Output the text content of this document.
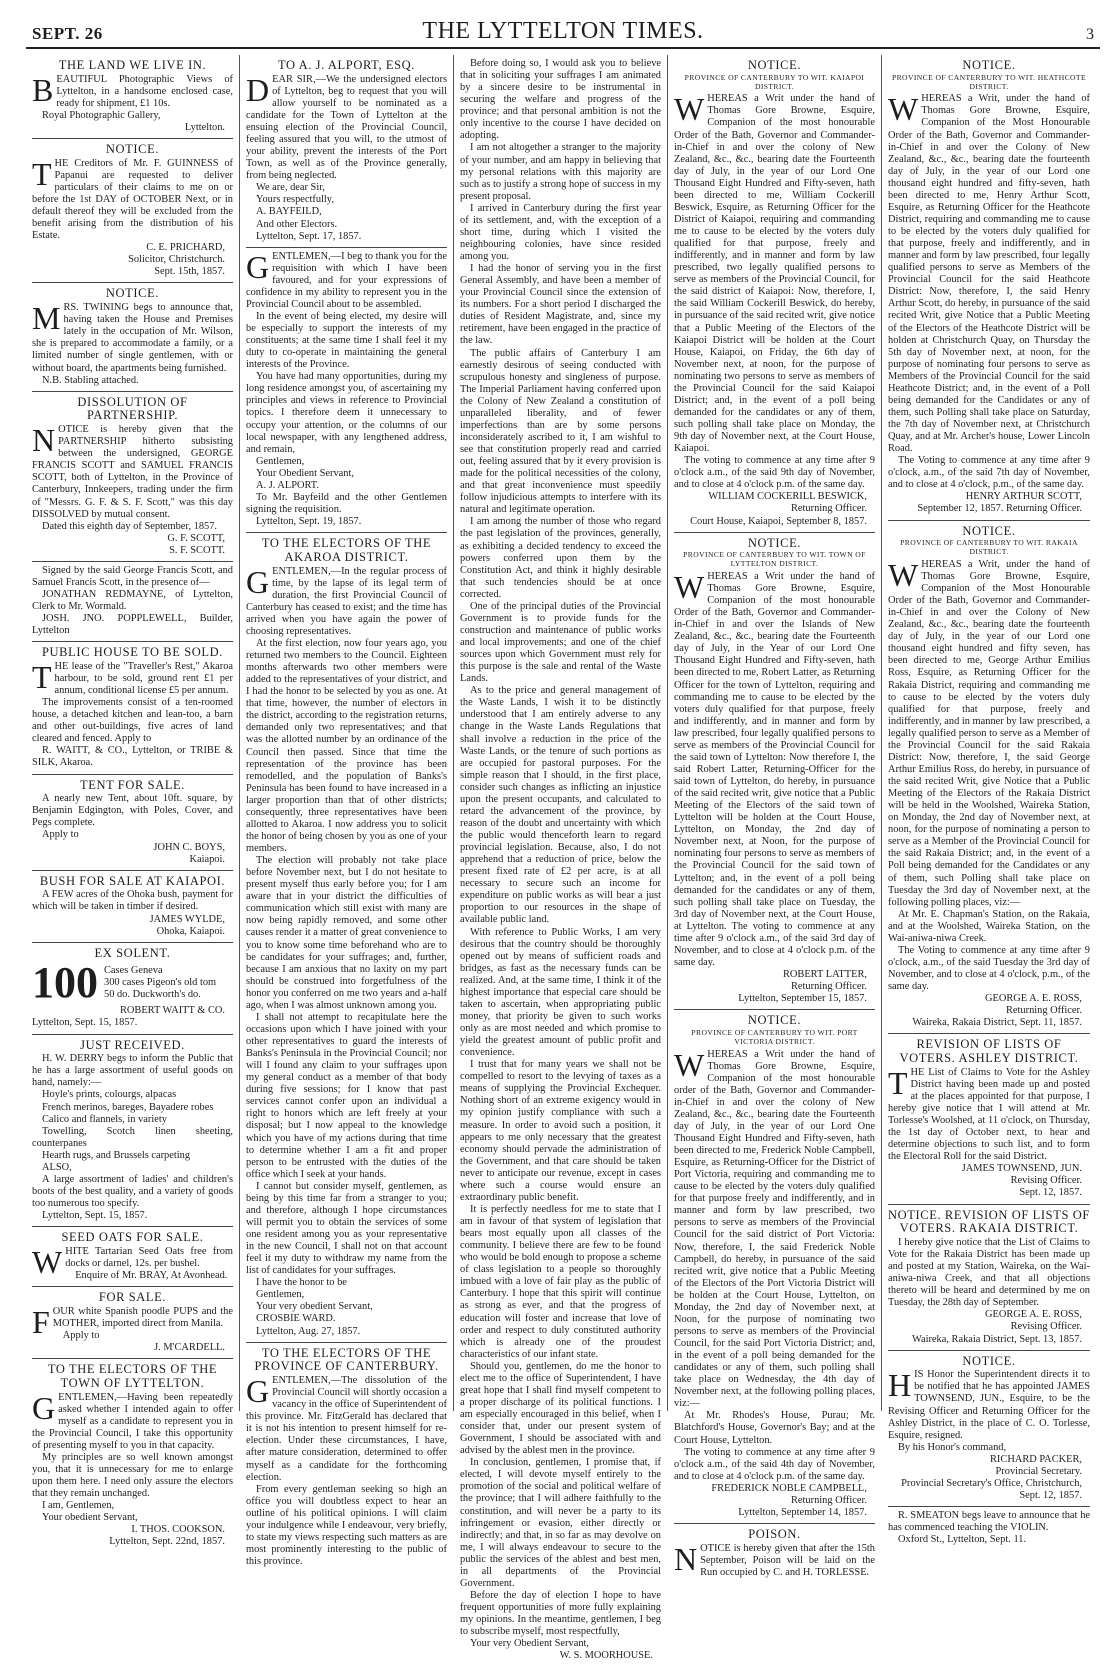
SEPT. 26	THE LYTTELTON TIMES.	3
THE LAND WE LIVE IN.

BEAUTIFUL Photographic Views of Lyttelton, in a handsome enclosed case, ready for shipment, £1 10s.

Royal Photographic Gallery,

Lyttelton.
NOTICE.

THE Creditors of Mr. F. GUINNESS of Papanui are requested to deliver particulars of their claims to me on or before the 1st DAY of OCTOBER Next, or in default thereof they will be excluded from the benefit arising from the distribution of his Estate.

C. E. PRICHARD,
Solicitor, Christchurch.
Sept. 15th, 1857.
NOTICE.

MRS. TWINING begs to announce that, having taken the House and Premises lately in the occupation of Mr. Wilson, she is prepared to accommodate a family, or a limited number of single gentlemen, with or without board, the apartments being furnished.

N.B. Stabling attached.

DISSOLUTION OF PARTNERSHIP.

NOTICE is hereby given that the PARTNERSHIP hitherto subsisting between the undersigned, GEORGE FRANCIS SCOTT and SAMUEL FRANCIS SCOTT, both of Lyttelton, in the Province of Canterbury, Innkeepers, trading under the firm of "Messrs. G. F. & S. F. Scott," was this day DISSOLVED by mutual consent.

Dated this eighth day of September, 1857.

G. F. SCOTT,
S. F. SCOTT.

Signed by the said George Francis Scott, and Samuel Francis Scott, in the presence of—

JONATHAN REDMAYNE, of Lyttelton, Clerk to Mr. Wormald.

JOSH. JNO. POPPLEWELL, Builder, Lyttelton

PUBLIC HOUSE TO BE SOLD.

THE lease of the "Traveller's Rest," Akaroa harbour, to be sold, ground rent £1 per annum, conditional license £5 per annum.

The improvements consist of a ten-roomed house, a detached kitchen and lean-too, a barn and other out-buildings, five acres of land cleared and fenced. Apply to

R. WAITT, & CO., Lyttelton, or TRIBE & SILK, Akaroa.

TENT FOR SALE.

A nearly new Tent, about 10ft. square, by Benjamin Edgington, with Poles, Cover, and Pegs complete.

Apply to

JOHN C. BOYS,
Kaiapoi.
BUSH FOR SALE AT KAIAPOI.

A FEW acres of the Ohoka bush, payment for which will be taken in timber if desired.

JAMES WYLDE,
Ohoka, Kaiapoi.
EX SOLENT.
100 Cases Geneva
300 cases Pigeon's old tom
50 do. Duckworth's do.

ROBERT WAITT & CO.

Lyttelton, Sept. 15, 1857.

JUST RECEIVED.

H. W. DERRY begs to inform the Public that he has a large assortment of useful goods on hand, namely:—

Hoyle's prints, colourgs, alpacas

French merinos, bareges, Bayadere robes

Calico and flannels, in variety

Towelling, Scotch linen sheeting, counterpanes

Hearth rugs, and Brussels carpeting

ALSO,

A large assortment of ladies' and children's boots of the best quality, and a variety of goods too numerous too specify.

Lyttelton, Sept. 15, 1857.

SEED OATS FOR SALE.

WHITE Tartarian Seed Oats free from docks or darnel, 12s. per bushel.

Enquire of Mr. BRAY, At Avonhead.

FOR SALE.

FOUR white Spanish poodle PUPS and the MOTHER, imported direct from Manila.

Apply to

J. M'CARDELL.
TO THE ELECTORS OF THE TOWN OF LYTTELTON.

GENTLEMEN,—Having been repeatedly asked whether I intended again to offer myself as a candidate to represent you in the Provincial Council, I take this opportunity of presenting myself to you in that capacity.

My principles are so well known amongst you, that it is unnecessary for me to enlarge upon them here. I need only assure the electors that they remain unchanged.

I am, Gentlemen,

Your obedient Servant,

I. THOS. COOKSON.
Lyttelton, Sept. 22nd, 1857.
TO A. J. ALPORT, ESQ.

DEAR SIR,—We the undersigned electors of Lyttelton, beg to request that you will allow yourself to be nominated as a candidate for the Town of Lyttelton at the ensuing election of the Provincial Council, feeling assured that you will, to the utmost of your ability, prevent the interests of the Port Town, as well as of the Province generally, from being neglected.

We are, dear Sir,

Yours respectfully,

A. BAYFEILD,

And other Electors.

Lyttelton, Sept. 17, 1857.

GENTLEMEN,—I beg to thank you for the requisition with which I have been favoured, and for your expressions of confidence in my ability to represent you in the Provincial Council about to be assembled.

In the event of being elected, my desire will be especially to support the interests of my constituents; at the same time I shall feel it my duty to co-operate in maintaining the general interests of the Province.

You have had many opportunities, during my long residence amongst you, of ascertaining my principles and views in reference to Provincial topics. I therefore deem it unnecessary to occupy your attention, or the columns of our local newspaper, with any lengthened address, and remain,

Gentlemen,

Your Obedient Servant,

A. J. ALPORT.

To Mr. Bayfeild and the other Gentlemen signing the requisition.

Lyttelton, Sept. 19, 1857.

TO THE ELECTORS OF THE AKAROA DISTRICT.

GENTLEMEN,—In the regular process of time, by the lapse of its legal term of duration, the first Provincial Council of Canterbury has ceased to exist; and the time has arrived when you have again the power of choosing representatives.

At the first election, now four years ago, you returned two members to the Council. Eighteen months afterwards two other members were added to the representatives of your district, and I had the honor to be selected by you as one. At that time, however, the number of electors in the district, according to the registration returns, demanded only two representatives; and that was the allotted number by an ordinance of the Council then passed. Since that time the representation of the province has been remodelled, and the population of Banks's Peninsula has been found to have increased in a larger proportion than that of other districts; consequently, three representatives have been allotted to Akaroa. I now address you to solicit the honor of being chosen by you as one of your members.

The election will probably not take place before November next, but I do not hesitate to present myself thus early before you; for I am aware that in your district the difficulties of communication which still exist with many are now being rapidly removed, and some other causes render it a matter of great convenience to you to know some time beforehand who are to be candidates for your suffrages; and, further, because I am anxious that no laxity on my part should be construed into forgetfulness of the honor you conferred on me two years and a-half ago, when I was almost unknown among you.

I shall not attempt to recapitulate here the occasions upon which I have joined with your other representatives to guard the interests of Banks's Peninsula in the Provincial Council; nor will I found any claim to your suffrages upon my general conduct as a member of that body during five sessions; for I know that past services cannot confer upon an individual a right to honors which are left freely at your disposal; but I now appeal to the knowledge which you have of my actions during that time to determine whether I am a fit and proper person to be entrusted with the duties of the office which I seek at your hands.

I cannot but consider myself, gentlemen, as being by this time far from a stranger to you; and therefore, although I hope circumstances will permit you to obtain the services of some one resident among you as your representative in the new Council, I shall not on that account feel it my duty to withdraw my name from the list of candidates for your suffrages.

I have the honor to be

Gentlemen,

Your very obedient Servant,

CROSBIE WARD.

Lyttelton, Aug. 27, 1857.

TO THE ELECTORS OF THE PROVINCE OF CANTERBURY.

GENTLEMEN,—The dissolution of the Provincial Council will shortly occasion a vacancy in the office of Superintendent of this province. Mr. FitzGerald has declared that it is not his intention to present himself for re-election. Under these circumstances, I have, after mature consideration, determined to offer myself as a candidate for the forthcoming election.

From every gentleman seeking so high an office you will doubtless expect to hear an outline of his political opinions. I will claim your indulgence while I endeavour, very briefly, to state my views respecting such matters as are most prominently interesting to the public of this province.

Before doing so, I would ask you to believe that in soliciting your suffrages I am animated by a sincere desire to be instrumental in securing the welfare and progress of the province; and that personal ambition is not the only incentive to the course I have decided on adopting.

I am not altogether a stranger to the majority of your number, and am happy in believing that my personal relations with this majority are such as to justify a strong hope of success in my present proposal.

I arrived in Canterbury during the first year of its settlement, and, with the exception of a short time, during which I visited the neighbouring colonies, have since resided among you.

I had the honor of serving you in the first General Assembly, and have been a member of your Provincial Council since the extension of its numbers. For a short period I discharged the duties of Resident Magistrate, and, since my retirement, have been engaged in the practice of the law.

The public affairs of Canterbury I am earnestly desirous of seeing conducted with scrupulous honesty and singleness of purpose. The Imperial Parliament having conferred upon the Colony of New Zealand a constitution of unparalleled liberality, and of fewer imperfections than are by some persons inconsiderately ascribed to it, I am wishful to see that constitution properly read and carried out, feeling assured that by it every provision is made for the political necessities of the colony, and that great inconvenience must speedily follow injudicious attempts to interfere with its natural and legitimate operation.

I am among the number of those who regard the past legislation of the provinces, generally, as exhibiting a decided tendency to exceed the powers conferred upon them by the Constitution Act, and think it highly desirable that such tendencies should be at once corrected.

One of the principal duties of the Provincial Government is to provide funds for the construction and maintenance of public works and local improvements; and one of the chief sources upon which Government must rely for this purpose is the sale and rental of the Waste Lands.

As to the price and general management of the Waste Lands, I wish it to be distinctly understood that I am entirely adverse to any change in the Waste Lands Regulations that shall involve a reduction in the price of the Waste Lands, or the tenure of such portions as are occupied for pastoral purposes. For the simple reason that I should, in the first place, consider such changes as inflicting an injustice upon the present occupants, and calculated to retard the advancement of the province, by reason of the doubt and uncertainty with which the public would thenceforth learn to regard provincial legislation. Because, also, I do not apprehend that a reduction of price, below the present fixed rate of £2 per acre, is at all necessary to secure such an income for expenditure on public works as will bear a just proportion to our resources in the shape of available public land.

With reference to Public Works, I am very desirous that the country should be thoroughly opened out by means of sufficient roads and bridges, as fast as the necessary funds can be realized. And, at the same time, I think it of the highest importance that especial care should be taken to ascertain, when appropriating public money, that priority be given to such works only as are most needed and which promise to yield the greatest amount of public profit and convenience.

I trust that for many years we shall not be compelled to resort to the levying of taxes as a means of supplying the Provincial Exchequer. Nothing short of an extreme exigency would in my opinion justify compliance with such a measure. In order to avoid such a position, it appears to me only necessary that the greatest economy should pervade the administration of the Government, and that care should be taken never to anticipate our revenue, except in cases where such a course would ensure an extraordinary public benefit.

It is perfectly needless for me to state that I am in favour of that system of legislation that bears most equally upon all classes of the community. I believe there are few to be found who would be bold enough to propose a scheme of class legislation to a people so thoroughly imbued with a love of fair play as the public of Canterbury. I hope that this spirit will continue as strong as ever, and that the progress of education will foster and increase that love of order and respect to duly constituted authority which is already one of the proudest characteristics of our infant state.

Should you, gentlemen, do me the honor to elect me to the office of Superintendent, I have great hope that I shall find myself competent to a proper discharge of its political functions. I am especially encouraged in this belief, when I consider that, under our present system of Government, I should be associated with and advised by the ablest men in the province.

In conclusion, gentlemen, I promise that, if elected, I will devote myself entirely to the promotion of the social and political welfare of the province; that I will adhere faithfully to the constitution, and will never be a party to its infringement or evasion, either directly or indirectly; and that, in so far as may devolve on me, I will always endeavour to secure to the public the services of the ablest and best men, in all departments of the Provincial Government.

Before the day of election I hope to have frequent opportunities of more fully explaining my opinions. In the meantime, gentlemen, I beg to subscribe myself, most respectfully,

Your very Obedient Servant,

W. S. MOORHOUSE.
NOTICE.
PROVINCE OF CANTERBURY TO WIT. KAIAPOI DISTRICT.

WHEREAS a Writ under the hand of Thomas Gore Browne, Esquire, Companion of the most honourable Order of the Bath, Governor and Commander-in-Chief in and over the colony of New Zealand, &c., &c., bearing date the Fourteenth day of July, in the year of our Lord One Thousand Eight Hundred and Fifty-seven, hath been directed to me, William Cockerill Beswick, Esquire, as Returning Officer for the District of Kaiapoi, requiring and commanding me to cause to be elected by the voters duly qualified for that purpose, freely and indifferently, and in manner and form by law prescribed, two legally qualified persons to serve as members of the Provincial Council, for the said district of Kaiapoi: Now, therefore, I, the said William Cockerill Beswick, do hereby, in pursuance of the said recited writ, give notice that a Public Meeting of the Electors of the Kaiapoi District will be holden at the Court House, Kaiapoi, on Friday, the 6th day of November next, at noon, for the purpose of nominating two persons to serve as members of the Provincial Council for the said Kaiapoi District; and, in the event of a poll being demanded for the candidates or any of them, such polling shall take place on Monday, the 9th day of November next, at the Court House, Kaiapoi.

The voting to commence at any time after 9 o'clock a.m., of the said 9th day of November, and to close at 4 o'clock p.m. of the same day.

WILLIAM COCKERILL BESWICK,
Returning Officer.
Court House, Kaiapoi, September 8, 1857.
NOTICE.
PROVINCE OF CANTERBURY TO WIT. TOWN OF LYTTELTON DISTRICT.

WHEREAS a Writ under the hand of Thomas Gore Browne, Esquire, Companion of the most honourable Order of the Bath, Governor and Commander-in-Chief in and over the Islands of New Zealand, &c., &c., bearing date the Fourteenth day of July, in the Year of our Lord One Thousand Eight Hundred and Fifty-seven, hath been directed to me, Robert Latter, as Returning Officer for the town of Lyttelton, requiring and commanding me to cause to be elected by the voters duly qualified for that purpose, freely and indifferently, and in manner and form by law prescribed, four legally qualified persons to serve as members of the Provincial Council for the said town of Lyttelton: Now therefore I, the said Robert Latter, Returning-Officer for the said town of Lyttelton, do hereby, in pursuance of the said recited writ, give notice that a Public Meeting of the Electors of the said town of Lyttelton will be holden at the Court House, Lyttelton, on Monday, the 2nd day of November next, at Noon, for the purpose of nominating four persons to serve as members of the Provincial Council for the said town of Lyttelton; and, in the event of a poll being demanded for the candidates or any of them, such polling shall take place on Tuesday, the 3rd day of November next, at the Court House, at Lyttelton. The voting to commence at any time after 9 o'clock a.m., of the said 3rd day of November, and to close at 4 o'clock p.m. of the same day.

ROBERT LATTER,
Returning Officer.
Lyttelton, September 15, 1857.
NOTICE.
PROVINCE OF CANTERBURY TO WIT. PORT VICTORIA DISTRICT.

WHEREAS a Writ under the hand of Thomas Gore Browne, Esquire, Companion of the most honourable order of the Bath, Governor and Commander-in-Chief in and over the colony of New Zealand, &c., &c., bearing date the Fourteenth day of July, in the year of our Lord One Thousand Eight Hundred and Fifty-seven, hath been directed to me, Frederick Noble Campbell, Esquire, as Returning-Officer for the District of Port Victoria, requiring and commanding me to cause to be elected by the voters duly qualified for that purpose freely and indifferently, and in manner and form by law prescribed, two persons to serve as members of the Provincial Council for the said district of Port Victoria: Now, therefore, I, the said Frederick Noble Campbell, do hereby, in pursuance of the said recited writ, give notice that a Public Meeting of the Electors of the Port Victoria District will be holden at the Court House, Lyttelton, on Monday, the 2nd day of November next, at Noon, for the purpose of nominating two persons to serve as members of the Provincial Council, for the said Port Victoria District; and, in the event of a poll being demanded for the candidates or any of them, such polling shall take place on Wednesday, the 4th day of November next, at the following polling places, viz:—

At Mr. Rhodes's House, Purau; Mr. Blatchford's House, Governor's Bay; and at the Court House, Lyttelton.

The voting to commence at any time after 9 o'clock a.m., of the said 4th day of November, and to close at 4 o'clock p.m. of the same day.

FREDERICK NOBLE CAMPBELL,
Returning Officer.
Lyttelton, September 14, 1857.
POISON.

NOTICE is hereby given that after the 15th September, Poison will be laid on the Run occupied by C. and H. TORLESSE.

NOTICE.
PROVINCE OF CANTERBURY TO WIT. HEATHCOTE DISTRICT.

WHEREAS a Writ, under the hand of Thomas Gore Browne, Esquire, Companion of the Most Honourable Order of the Bath, Governor and Commander-in-Chief in and over the Colony of New Zealand, &c., &c., bearing date the fourteenth day of July, in the year of our Lord one thousand eight hundred and fifty-seven, hath been directed to me, Henry Arthur Scott, Esquire, as Returning Officer for the Heathcote District, requiring and commanding me to cause to be elected by the voters duly qualified for that purpose, freely and indifferently, and in manner and form by law prescribed, four legally qualified persons to serve as Members of the Provincial Council for the said Heathcote District: Now, therefore, I, the said Henry Arthur Scott, do hereby, in pursuance of the said recited Writ, give Notice that a Public Meeting of the Electors of the Heathcote District will be holden at Christchurch Quay, on Thursday the 5th day of November next, at noon, for the purpose of nominating four persons to serve as Members of the Provincial Council for the said Heathcote District; and, in the event of a Poll being demanded for the Candidates or any of them, such Polling shall take place on Saturday, the 7th day of November next, at Christchurch Quay, and at Mr. Archer's house, Lower Lincoln Road.

The Voting to commence at any time after 9 o'clock, a.m., of the said 7th day of November, and to close at 4 o'clock, p.m., of the same day.

HENRY ARTHUR SCOTT,
September 12, 1857. Returning Officer.
NOTICE.
PROVINCE OF CANTERBURY TO WIT. RAKAIA DISTRICT.

WHEREAS a Writ, under the hand of Thomas Gore Browne, Esquire, Companion of the Most Honourable Order of the Bath, Governor and Commander-in-Chief in and over the Colony of New Zealand, &c., &c., bearing date the fourteenth day of July, in the year of our Lord one thousand eight hundred and fifty seven, has been directed to me, George Arthur Emilius Ross, Esquire, as Returning Officer for the Rakaia District, requiring and commanding me to cause to be elected by the voters duly qualified for that purpose, freely and indifferently, and in manner by law prescribed, a legally qualified person to serve as a Member of the Provincial Council for the said Rakaia District: Now, therefore, I, the said George Arthur Emilius Ross, do hereby, in pursuance of the said recited Writ, give Notice that a Public Meeting of the Electors of the Rakaia District will be held in the Woolshed, Waireka Station, on Monday, the 2nd day of November next, at noon, for the purpose of nominating a person to serve as a Member of the Provincial Council for the said Rakaia District; and, in the event of a Poll being demanded for the Candidates or any of them, such Polling shall take place on Tuesday the 3rd day of November next, at the following polling places, viz:—

At Mr. E. Chapman's Station, on the Rakaia, and at the Woolshed, Waireka Station, on the Wai-aniwa-niwa Creek.

The Voting to commence at any time after 9 o'clock, a.m., of the said Tuesday the 3rd day of November, and to close at 4 o'clock, p.m., of the same day.

GEORGE A. E. ROSS,
Returning Officer.
Waireka, Rakaia District, Sept. 11, 1857.
REVISION OF LISTS OF VOTERS. ASHLEY DISTRICT.

THE List of Claims to Vote for the Ashley District having been made up and posted at the places appointed for that purpose, I hereby give notice that I will attend at Mr. Torlesse's Woolshed, at 11 o'clock, on Thursday, the 1st day of October next, to hear and determine objections to such list, and to form the Electoral Roll for the said District.

JAMES TOWNSEND, JUN.
Revising Officer.
Sept. 12, 1857.
NOTICE. REVISION OF LISTS OF VOTERS. RAKAIA DISTRICT.

I hereby give notice that the List of Claims to Vote for the Rakaia District has been made up and posted at my Station, Waireka, on the Wai-aniwa-niwa Creek, and that all objections thereto will be heard and determined by me on Tuesday, the 28th day of September.

GEORGE A. E. ROSS,
Revising Officer.
Waireka, Rakaia District, Sept. 13, 1857.
NOTICE.

HIS Honor the Superintendent directs it to be notified that he has appointed JAMES TOWNSEND, JUN., Esquire, to be the Revising Officer and Returning Officer for the Ashley District, in the place of C. O. Torlesse, Esquire, resigned.

By his Honor's command,

RICHARD PACKER,
Provincial Secretary.
Provincial Secretary's Office, Christchurch, Sept. 12, 1857.

R. SMEATON begs leave to announce that he has commenced teaching the VIOLIN.

Oxford St., Lyttelton, Sept. 11.
